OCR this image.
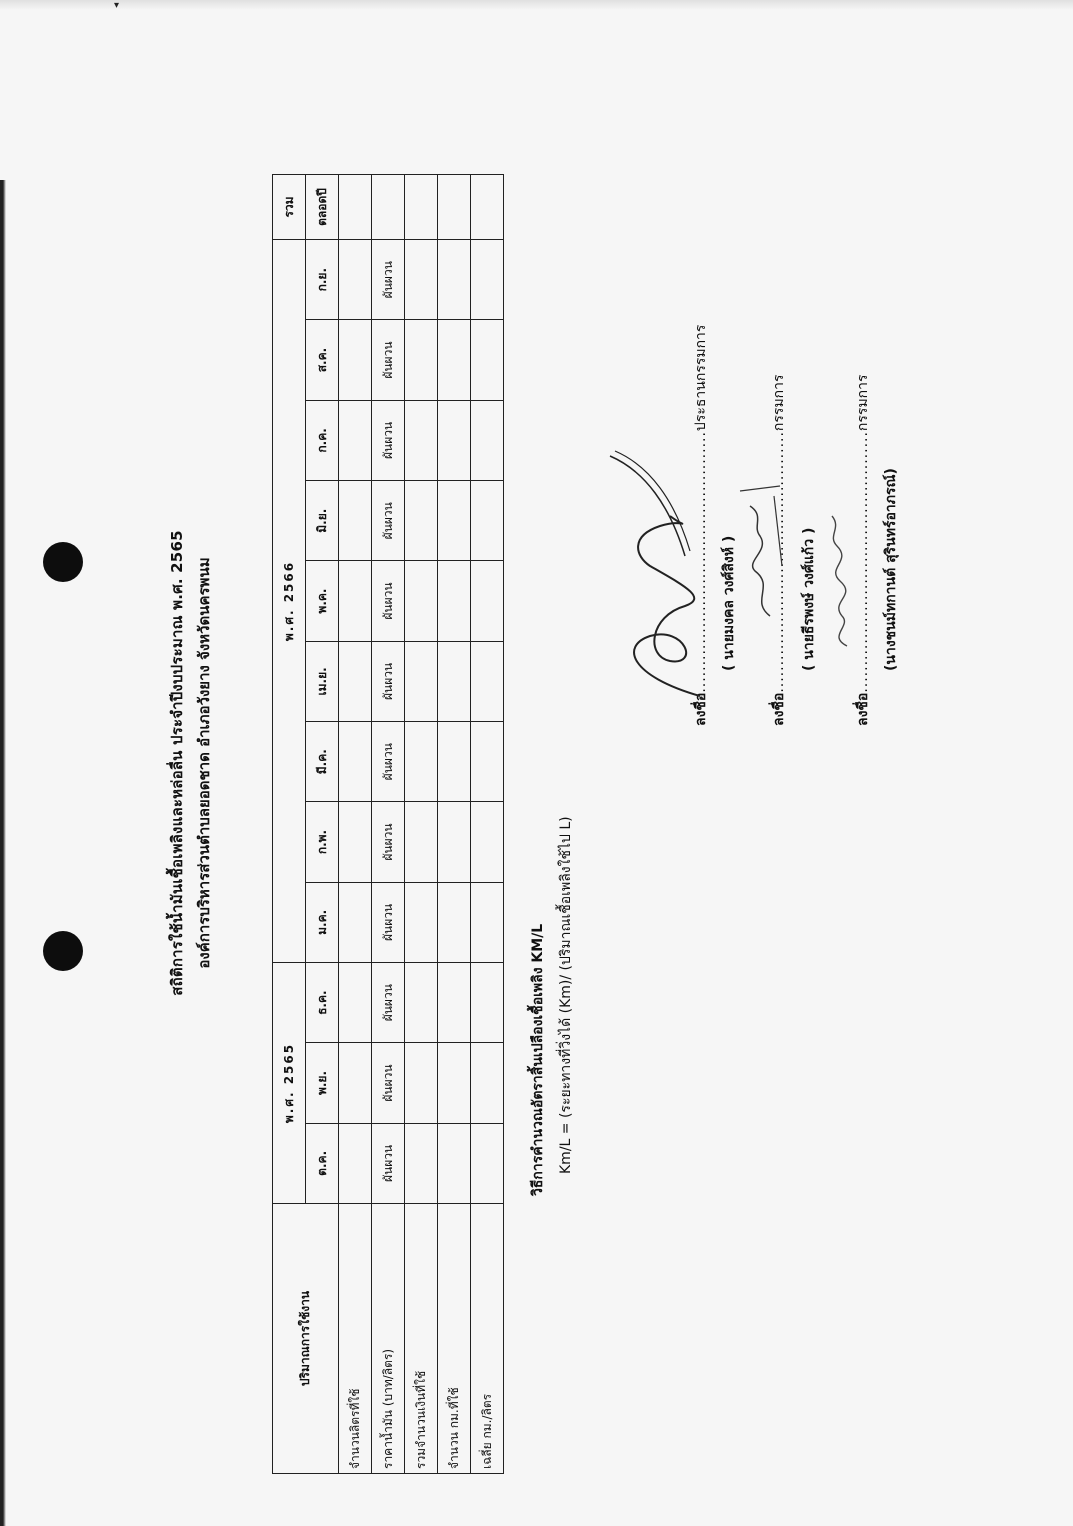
▾
สถิติการใช้น้ำมันเชื้อเพลิงและหล่อลื่น ประจำปีงบประมาณ พ.ศ. 2565 องค์การบริหารส่วนตำบลยอดชาด อำเภอวังยาง จังหวัดนครพนม
ปริมาณการใช้งาน	พ.ศ. 2565			พ.ศ. 2566									รวม
	ต.ค.	พ.ย.	ธ.ค.	ม.ค.	ก.พ.	มี.ค.	เม.ย.	พ.ค.	มิ.ย.	ก.ค.	ส.ค.	ก.ย.	ตลอดปี
จำนวนลิตรที่ใช้													
ราคาน้ำมัน (บาท/ลิตร)	ผันผวน	ผันผวน	ผันผวน	ผันผวน	ผันผวน	ผันผวน	ผันผวน	ผันผวน	ผันผวน	ผันผวน	ผันผวน	ผันผวน	
รวมจำนวนเงินที่ใช้													
จำนวน กม.ที่ใช้													
เฉลี่ย กม./ลิตร													
วิธีการคำนวณอัตราสิ้นเปลืองเชื้อเพลิง KM/L Km/L = (ระยะทางที่วิ่งได้ (Km)/ (ปริมาณเชื้อเพลิงใช้ไป L)
ลงชื่อ................................................ประธานกรรมการ
( นายมงคล วงศ์สิงห์ )
ลงชื่อ................................................กรรมการ
( นายธีรพงษ์ วงศ์แก้ว )
ลงชื่อ................................................กรรมการ
(นางชนม์ทกานต์ สุรินทร์อาภรณ์)
